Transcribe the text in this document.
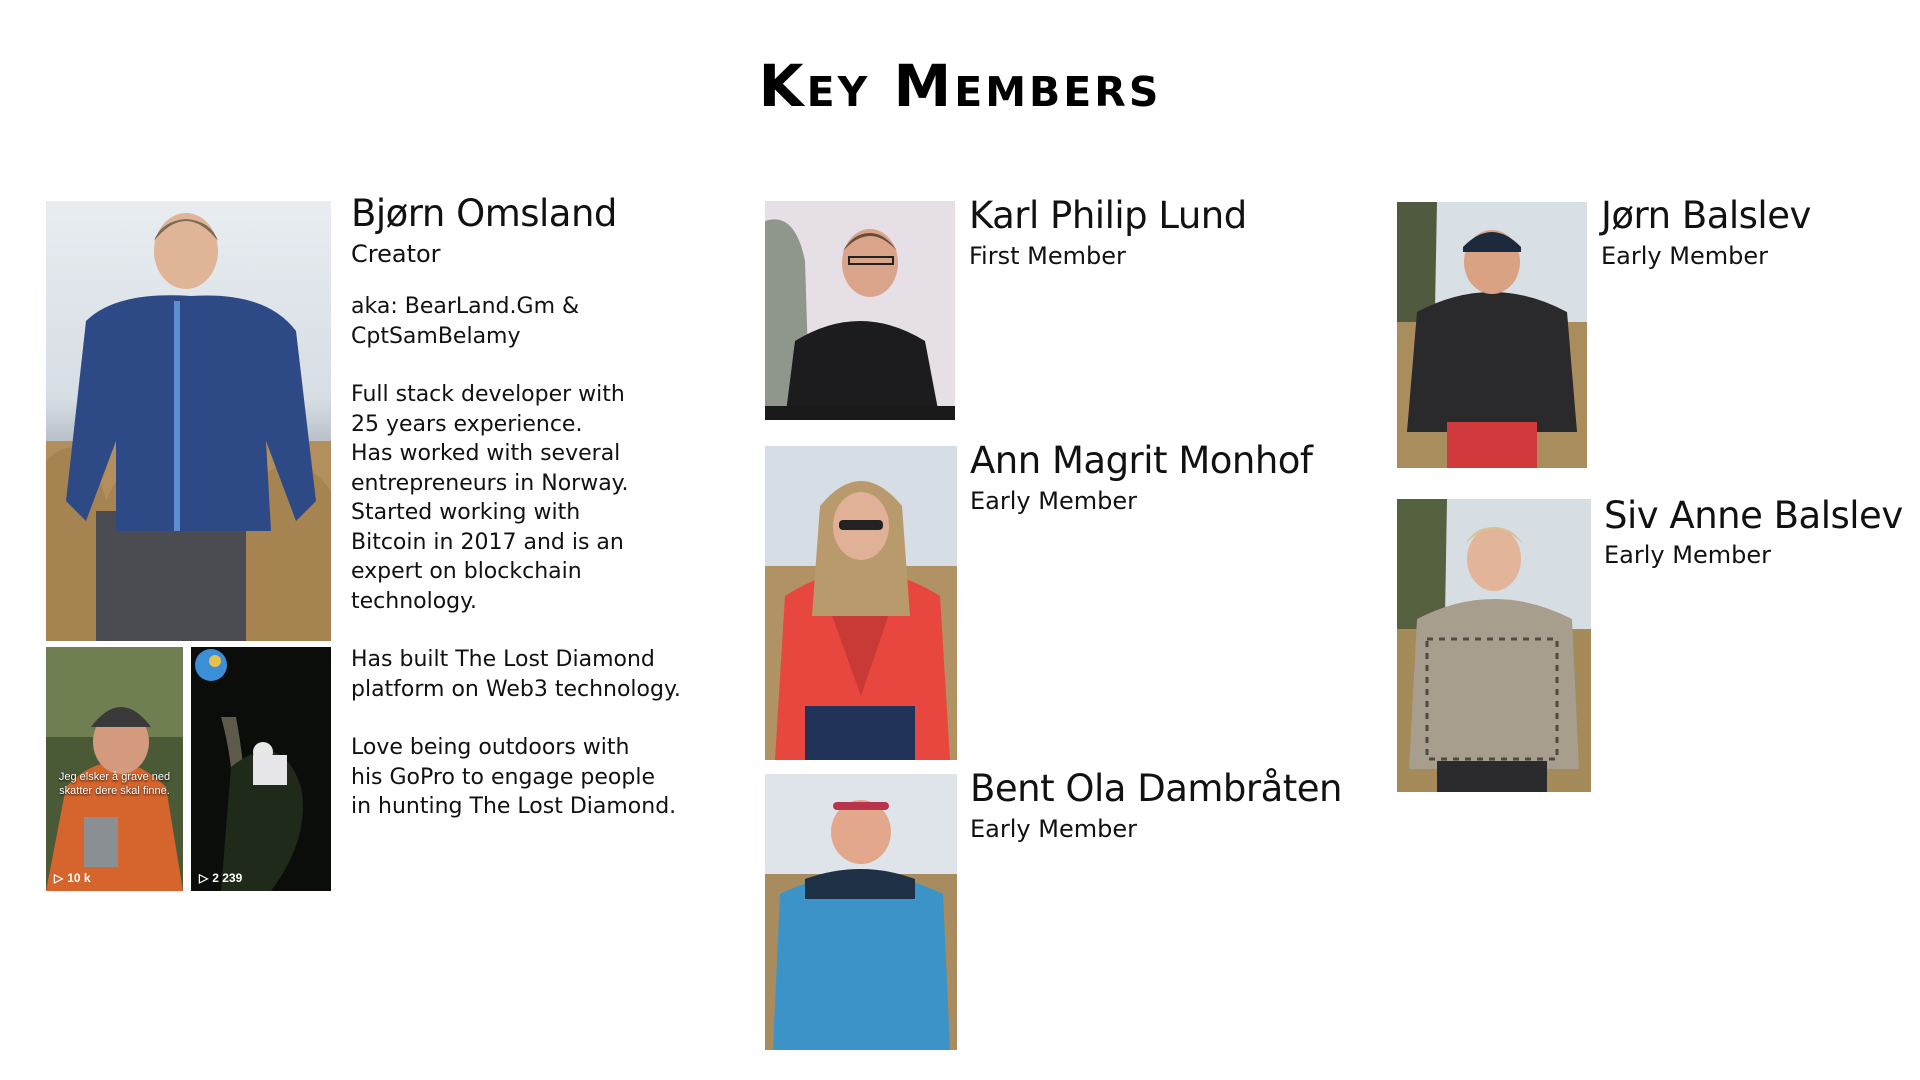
Key Members
Jeg elsker å grave ned skatter dere skal finne.
▷ 10 k	▷ 2 239
Bjørn Omsland
Creator

aka: BearLand.Gm &
CptSamBelamy

Full stack developer with
25 years experience.
Has worked with several
entrepreneurs in Norway.
Started working with
Bitcoin in 2017 and is an
expert on blockchain
technology.

Has built The Lost Diamond
platform on Web3 technology.

Love being outdoors with
his GoPro to engage people
in hunting The Lost Diamond.

Karl Philip Lund
First Member
Ann Magrit Monhof
Early Member
Bent Ola Dambråten
Early Member
Jørn Balslev
Early Member
Siv Anne Balslev
Early Member
